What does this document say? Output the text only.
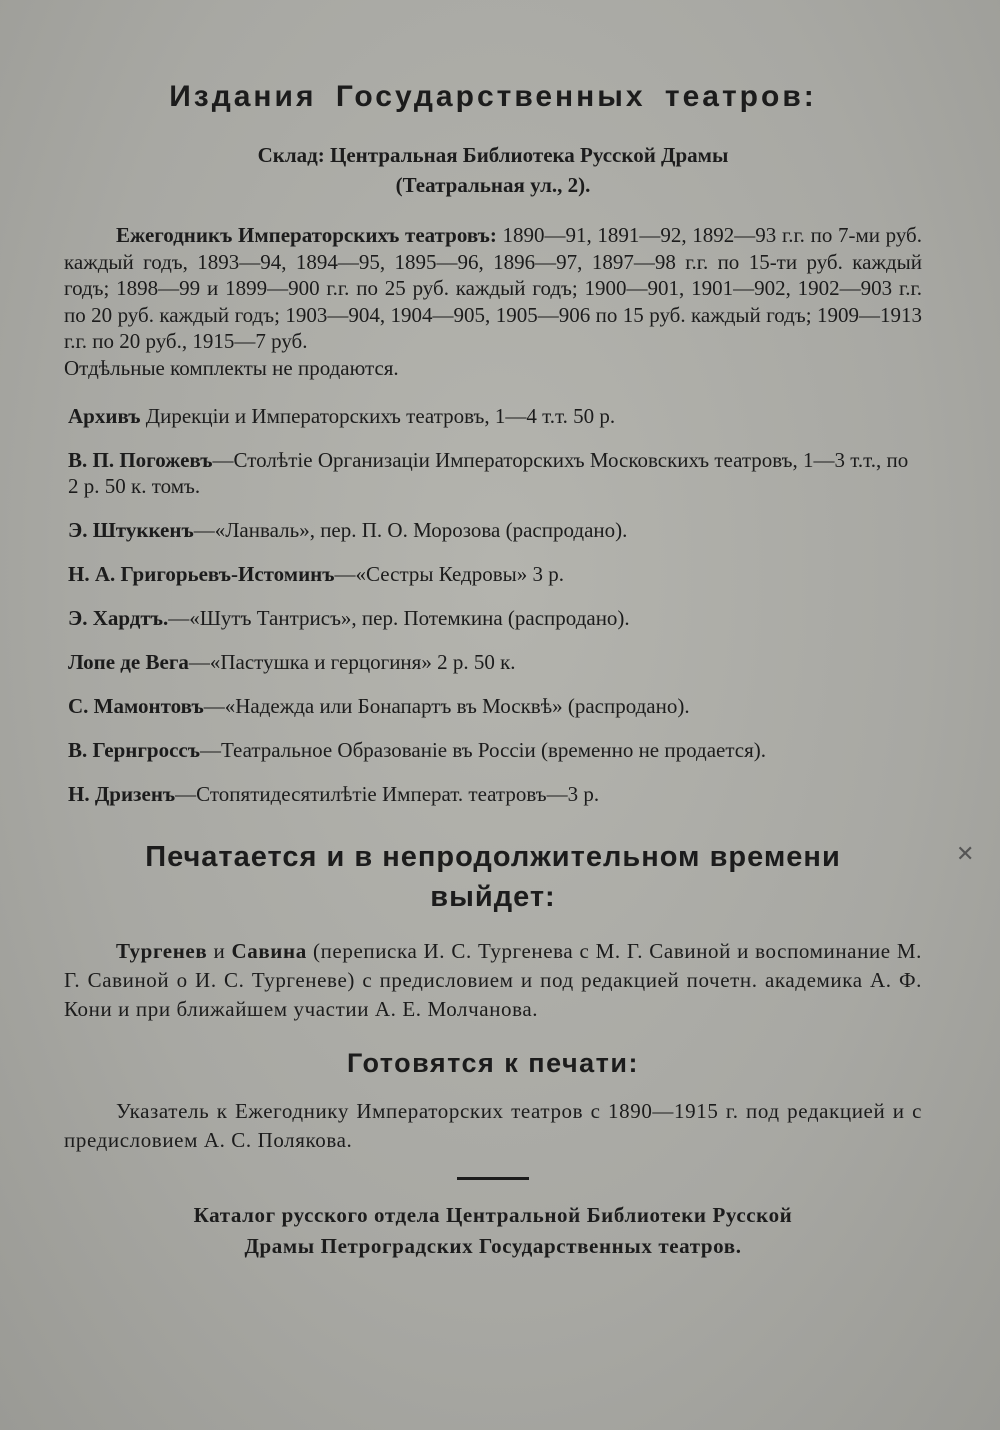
Издания Государственных театров:
Склад: Центральная Библиотека Русской Драмы
(Театральная ул., 2).

Ежегодникъ Императорскихъ театровъ: 1890—91, 1891—92, 1892—93 г.г. по 7-ми руб. каждый годъ, 1893—94, 1894—95, 1895—96, 1896—97, 1897—98 г.г. по 15-ти руб. каждый годъ; 1898—99 и 1899—900 г.г. по 25 руб. каждый годъ; 1900—901, 1901—902, 1902—903 г.г. по 20 руб. каждый годъ; 1903—904, 1904—905, 1905—906 по 15 руб. каждый годъ; 1909—1913 г.г. по 20 руб., 1915—7 руб.

Отдѣльные комплекты не продаются.
Архивъ Дирекціи и Императорскихъ театровъ, 1—4 т.т. 50 р.
В. П. Погожевъ—Столѣтіе Организаціи Императорскихъ Московскихъ театровъ, 1—3 т.т., по 2 р. 50 к. томъ.
Э. Штуккенъ—«Ланваль», пер. П. О. Морозова (распродано).
Н. А. Григорьевъ-Истоминъ—«Сестры Кедровы» 3 р.
Э. Хардтъ.—«Шутъ Тантрисъ», пер. Потемкина (распродано).
Лопе де Вега—«Пастушка и герцогиня» 2 р. 50 к.
С. Мамонтовъ—«Надежда или Бонапартъ въ Москвѣ» (распродано).
В. Гернгроссъ—Театральное Образованіе въ Россіи (временно не продается).
Н. Дризенъ—Стопятидесятилѣтіе Императ. театровъ—3 р.
Печатается и в непродолжительном времени
выйдет:

Тургенев и Савина (переписка И. С. Тургенева с М. Г. Савиной и воспоминание М. Г. Савиной о И. С. Тургеневе) с предисловием и под редакцией почетн. академика А. Ф. Кони и при ближайшем участии А. Е. Молчанова.

Готовятся к печати:

Указатель к Ежегоднику Императорских театров с 1890—1915 г. под редакцией и с предисловием А. С. Полякова.

Каталог русского отдела Центральной Библиотеки Русской
Драмы Петроградских Государственных театров.
✕
